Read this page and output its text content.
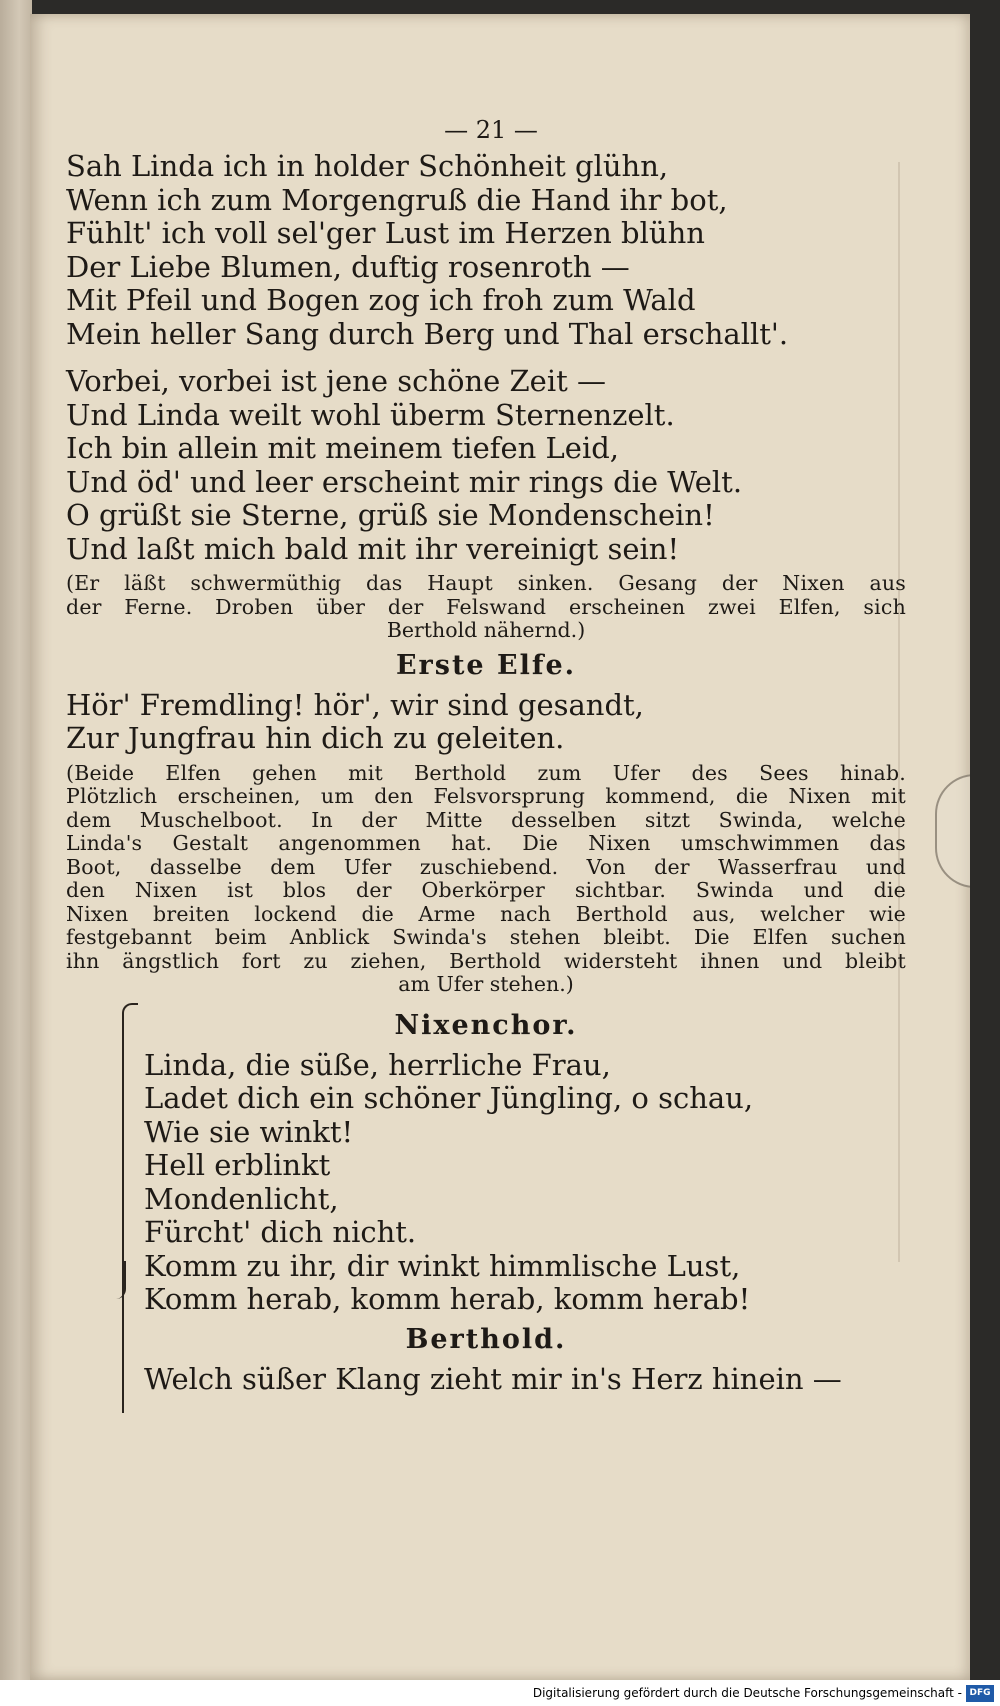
— 21 —
Sah Linda ich in holder Schönheit glühn,
Wenn ich zum Morgengruß die Hand ihr bot,
Fühlt' ich voll sel'ger Lust im Herzen blühn
Der Liebe Blumen, duftig rosenroth —
Mit Pfeil und Bogen zog ich froh zum Wald
Mein heller Sang durch Berg und Thal erschallt'.
Vorbei, vorbei ist jene schöne Zeit —
Und Linda weilt wohl überm Sternenzelt.
Ich bin allein mit meinem tiefen Leid,
Und öd' und leer erscheint mir rings die Welt.
O grüßt sie Sterne, grüß sie Mondenschein!
Und laßt mich bald mit ihr vereinigt sein!
(Er läßt schwermüthig das Haupt sinken. Gesang der Nixen aus
der Ferne. Droben über der Felswand erscheinen zwei Elfen, sich
Berthold nähernd.)
Erste Elfe.
Hör' Fremdling! hör', wir sind gesandt,
Zur Jungfrau hin dich zu geleiten.
(Beide Elfen gehen mit Berthold zum Ufer des Sees hinab.
Plötzlich erscheinen, um den Felsvorsprung kommend, die Nixen mit
dem Muschelboot. In der Mitte desselben sitzt Swinda, welche
Linda's Gestalt angenommen hat. Die Nixen umschwimmen das
Boot, dasselbe dem Ufer zuschiebend. Von der Wasserfrau und
den Nixen ist blos der Oberkörper sichtbar. Swinda und die
Nixen breiten lockend die Arme nach Berthold aus, welcher wie
festgebannt beim Anblick Swinda's stehen bleibt. Die Elfen suchen
ihn ängstlich fort zu ziehen, Berthold widersteht ihnen und bleibt
am Ufer stehen.)
Nixenchor.
Linda, die süße, herrliche Frau,
Ladet dich ein schöner Jüngling, o schau,
Wie sie winkt!
Hell erblinkt
Mondenlicht,
Fürcht' dich nicht.
Komm zu ihr, dir winkt himmlische Lust,
Komm herab, komm herab, komm herab!
Berthold.
Welch süßer Klang zieht mir in's Herz hinein —
Digitalisierung gefördert durch die Deutsche Forschungsgemeinschaft - DFG
